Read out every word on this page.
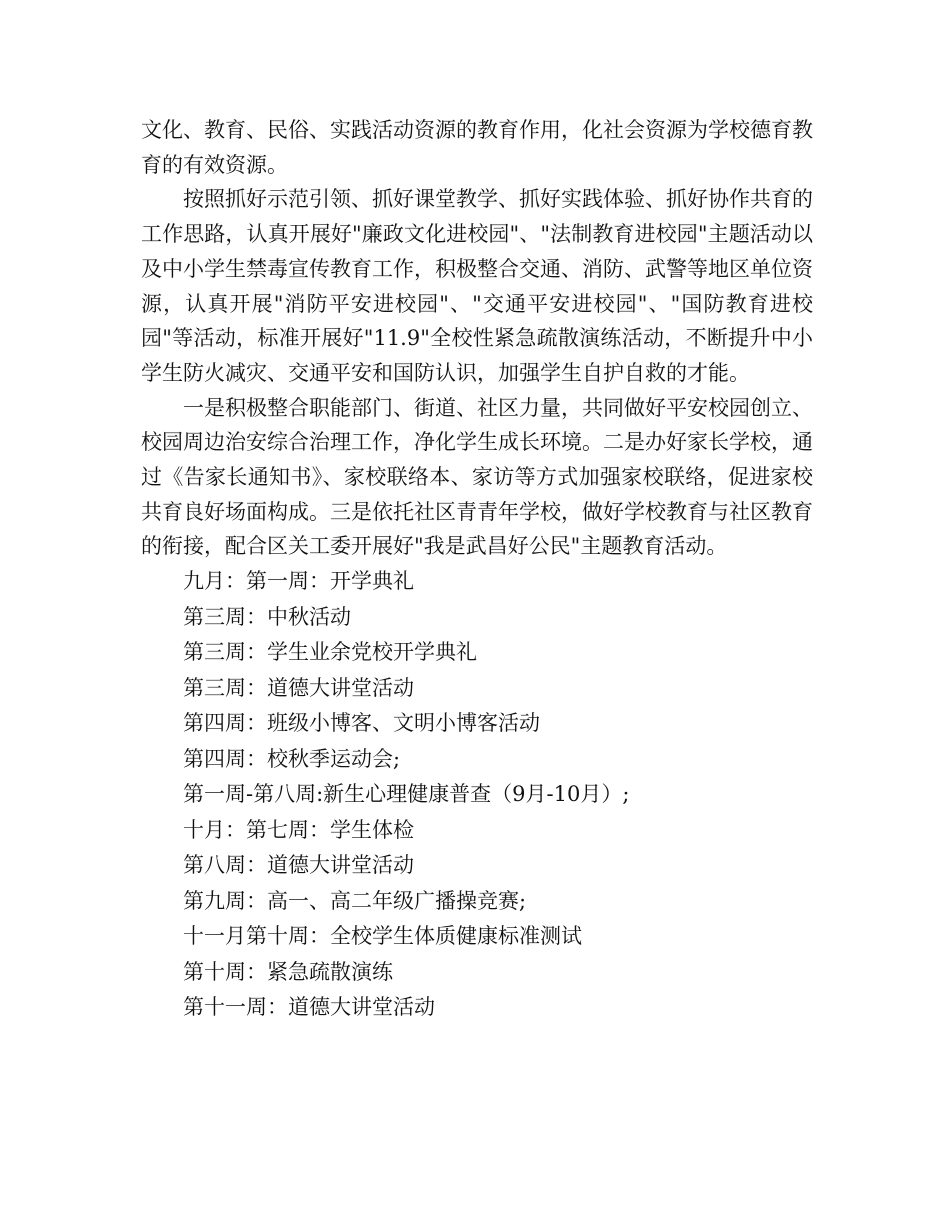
文化、教育、民俗、实践活动资源的教育作用，化社会资源为学校德育教育的有效资源。

按照抓好示范引领、抓好课堂教学、抓好实践体验、抓好协作共育的工作思路，认真开展好"廉政文化进校园"、"法制教育进校园"主题活动以及中小学生禁毒宣传教育工作，积极整合交通、消防、武警等地区单位资源，认真开展"消防平安进校园"、"交通平安进校园"、"国防教育进校园"等活动，标准开展好"11.9"全校性紧急疏散演练活动，不断提升中小学生防火减灾、交通平安和国防认识，加强学生自护自救的才能。

一是积极整合职能部门、街道、社区力量，共同做好平安校园创立、校园周边治安综合治理工作，净化学生成长环境。二是办好家长学校，通过《告家长通知书》、家校联络本、家访等方式加强家校联络，促进家校共育良好场面构成。三是依托社区青青年学校，做好学校教育与社区教育的衔接，配合区关工委开展好"我是武昌好公民"主题教育活动。

九月：第一周：开学典礼
第三周：中秋活动
第三周：学生业余党校开学典礼
第三周：道德大讲堂活动
第四周：班级小博客、文明小博客活动
第四周：校秋季运动会;
第一周-第八周:新生心理健康普查（9月-10月）;
十月：第七周：学生体检
第八周：道德大讲堂活动
第九周：高一、高二年级广播操竞赛;
十一月第十周：全校学生体质健康标准测试
第十周：紧急疏散演练
第十一周：道德大讲堂活动
